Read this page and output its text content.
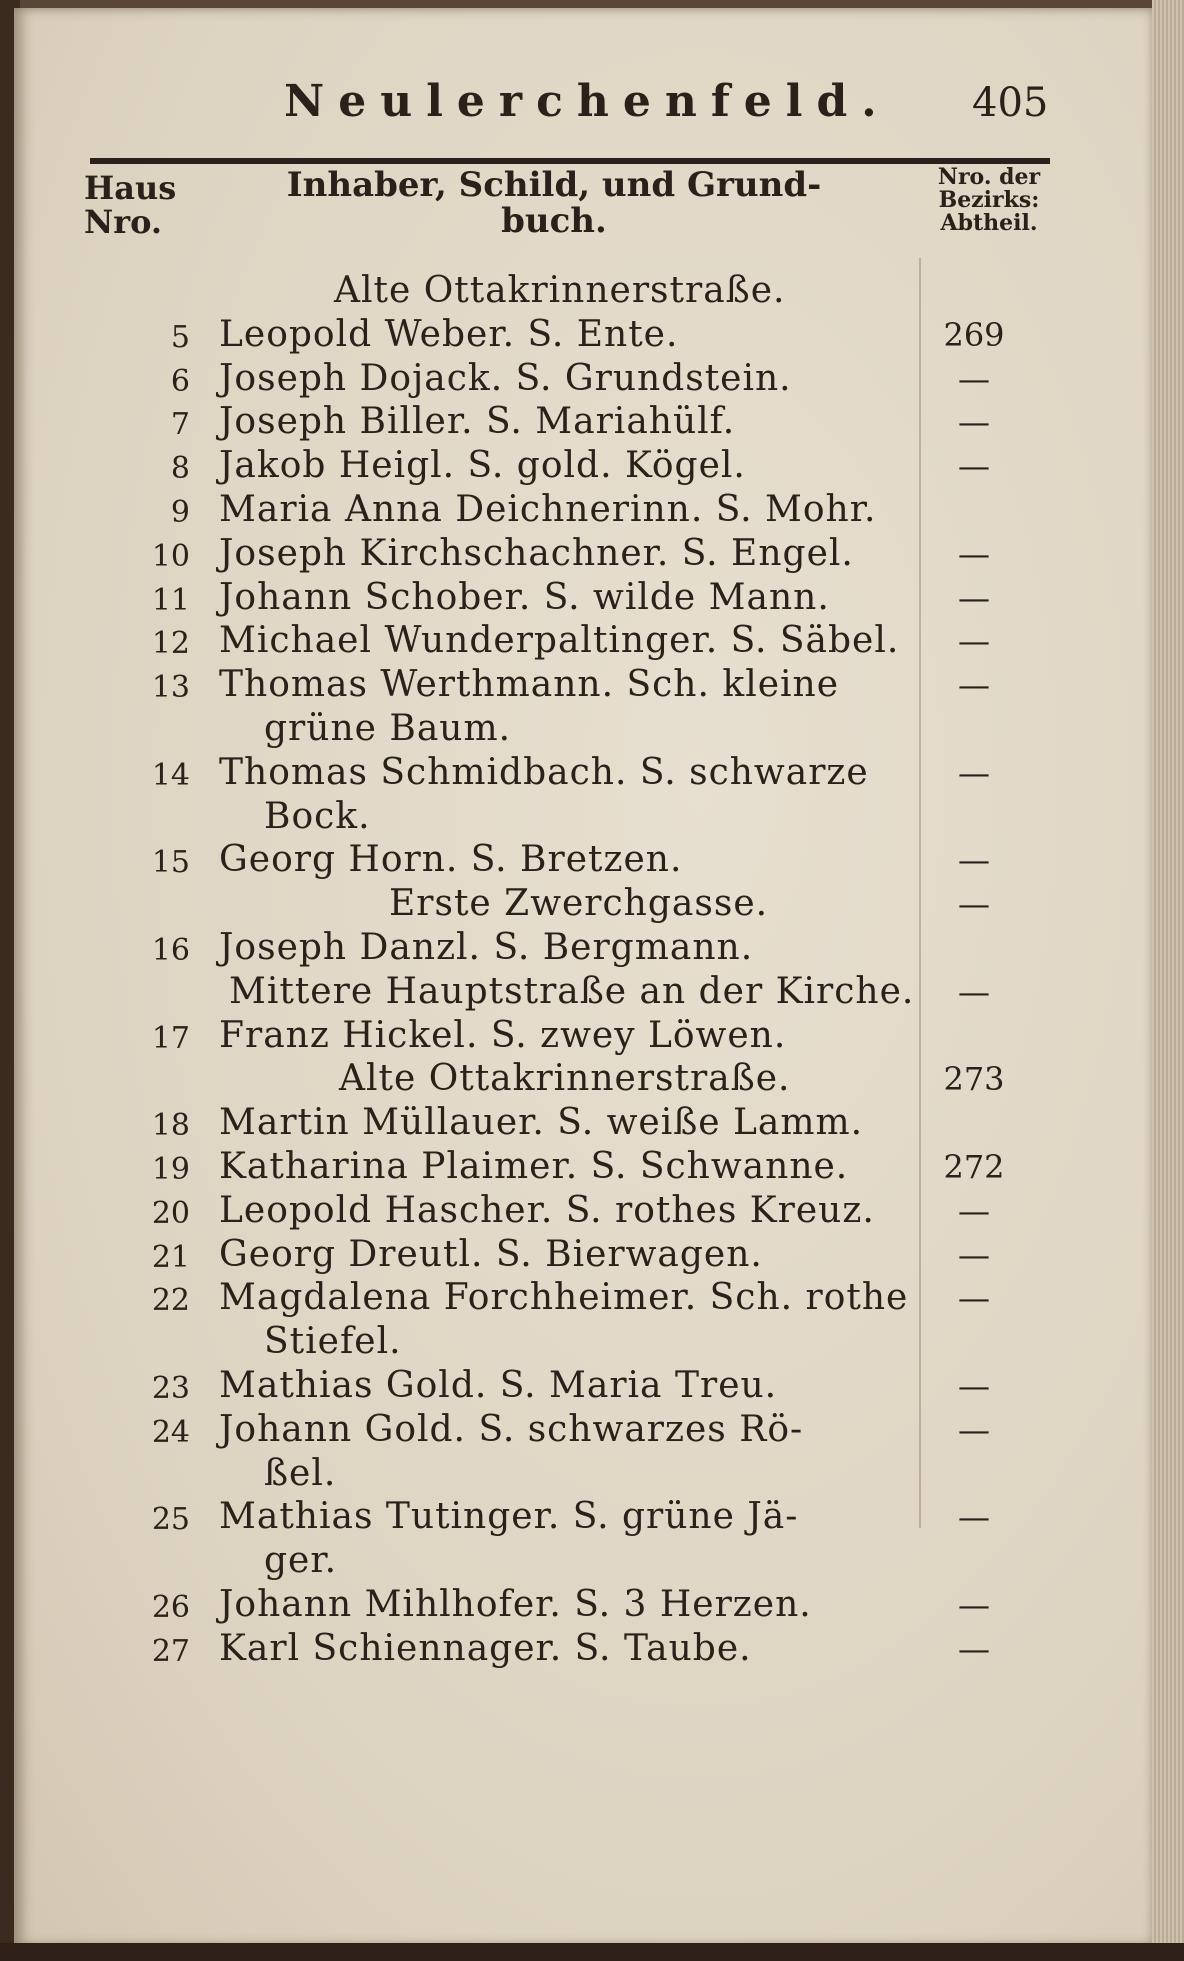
Neulerchenfeld. 405
Haus
Nro.
Inhaber, Schild, und Grund-
buch.
Nro. der
Bezirks:
Abtheil.
Alte Ottakrinnerstraße.
5 Leopold Weber. S. Ente.	269
6 Joseph Dojack. S. Grundstein.	—
7 Joseph Biller. S. Mariahülf.	—
8 Jakob Heigl. S. gold. Kögel.	—
9 Maria Anna Deichnerinn. S. Mohr.
10 Joseph Kirchschachner. S. Engel.	—
11 Johann Schober. S. wilde Mann.	—
12 Michael Wunderpaltinger. S. Säbel.	—
13 Thomas Werthmann. Sch. kleine	—
grüne Baum.
14 Thomas Schmidbach. S. schwarze	—
Bock.
15 Georg Horn. S. Bretzen.	—
Erste Zwerchgasse.	—
16 Joseph Danzl. S. Bergmann.
Mittere Hauptstraße an der Kirche.	—
17 Franz Hickel. S. zwey Löwen.
Alte Ottakrinnerstraße.	273
18 Martin Müllauer. S. weiße Lamm.
19 Katharina Plaimer. S. Schwanne.	272
20 Leopold Hascher. S. rothes Kreuz.	—
21 Georg Dreutl. S. Bierwagen.	—
22 Magdalena Forchheimer. Sch. rothe	—
Stiefel.
23 Mathias Gold. S. Maria Treu.	—
24 Johann Gold. S. schwarzes Rö-	—
ßel.
25 Mathias Tutinger. S. grüne Jä-	—
ger.
26 Johann Mihlhofer. S. 3 Herzen.	—
27 Karl Schiennager. S. Taube.	—
